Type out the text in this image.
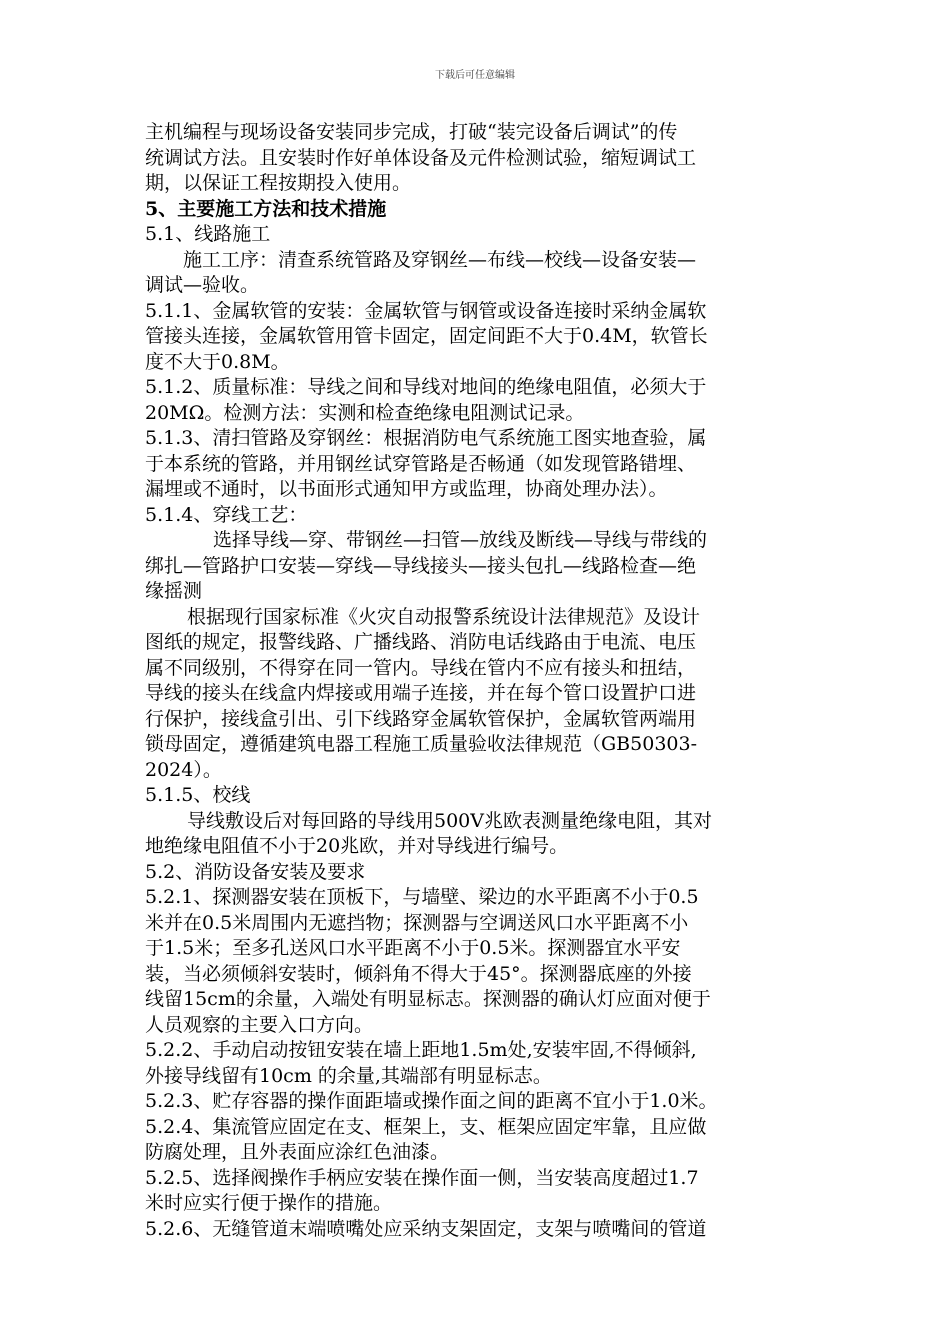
下载后可任意编辑

主机编程与现场设备安装同步完成，打破“装完设备后调试”的传

统调试方法。且安装时作好单体设备及元件检测试验，缩短调试工

期，以保证工程按期投入使用。

5、主要施工方法和技术措施

5.1、线路施工

施工工序：清查系统管路及穿钢丝—布线—校线—设备安装—

调试—验收。

5.1.1、金属软管的安装：金属软管与钢管或设备连接时采纳金属软

管接头连接，金属软管用管卡固定，固定间距不大于0.4M，软管长

度不大于0.8M。

5.1.2、质量标准：导线之间和导线对地间的绝缘电阻值，必须大于

20MΩ。检测方法：实测和检查绝缘电阻测试记录。

5.1.3、清扫管路及穿钢丝：根据消防电气系统施工图实地查验，属

于本系统的管路，并用钢丝试穿管路是否畅通（如发现管路错埋、

漏埋或不通时，以书面形式通知甲方或监理，协商处理办法）。

5.1.4、穿线工艺：

选择导线—穿、带钢丝—扫管—放线及断线—导线与带线的

绑扎—管路护口安装—穿线—导线接头—接头包扎—线路检查—绝

缘摇测

根据现行国家标准《火灾自动报警系统设计法律规范》及设计

图纸的规定，报警线路、广播线路、消防电话线路由于电流、电压

属不同级别，不得穿在同一管内。导线在管内不应有接头和扭结，

导线的接头在线盒内焊接或用端子连接，并在每个管口设置护口进

行保护，接线盒引出、引下线路穿金属软管保护，金属软管两端用

锁母固定，遵循建筑电器工程施工质量验收法律规范（GB50303-

2024）。

5.1.5、校线

导线敷设后对每回路的导线用500V兆欧表测量绝缘电阻，其对

地绝缘电阻值不小于20兆欧，并对导线进行编号。

5.2、消防设备安装及要求

5.2.1、探测器安装在顶板下，与墙壁、梁边的水平距离不小于0.5

米并在0.5米周围内无遮挡物；探测器与空调送风口水平距离不小

于1.5米；至多孔送风口水平距离不小于0.5米。探测器宜水平安

装，当必须倾斜安装时，倾斜角不得大于45°。探测器底座的外接

线留15cm的余量，入端处有明显标志。探测器的确认灯应面对便于

人员观察的主要入口方向。

5.2.2、手动启动按钮安装在墙上距地1.5m处,安装牢固,不得倾斜,

外接导线留有10cm 的余量,其端部有明显标志。

5.2.3、贮存容器的操作面距墙或操作面之间的距离不宜小于1.0米。

5.2.4、集流管应固定在支、框架上，支、框架应固定牢靠，且应做

防腐处理，且外表面应涂红色油漆。

5.2.5、选择阀操作手柄应安装在操作面一侧，当安装高度超过1.7

米时应实行便于操作的措施。

5.2.6、无缝管道末端喷嘴处应采纳支架固定，支架与喷嘴间的管道
